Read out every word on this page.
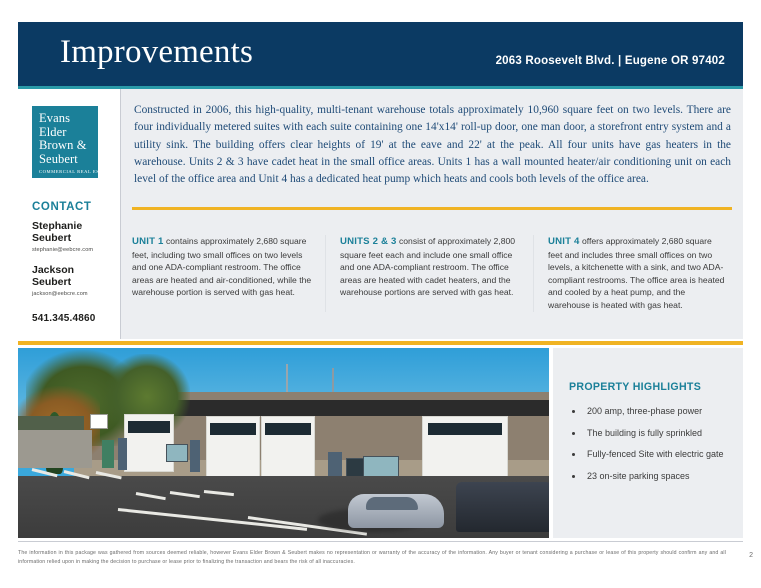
Improvements	2063 Roosevelt Blvd. | Eugene OR 97402
Evans
Elder
Brown &
Seubert
COMMERCIAL REAL ESTATE
CONTACT
Stephanie
Seubert
stephanie@eebcre.com
Jackson
Seubert
jackson@eebcre.com
541.345.4860
Constructed in 2006, this high-quality, multi-tenant warehouse totals approximately 10,960 square feet on two levels. There are four individually metered suites with each suite containing one 14'x14' roll-up door, one man door, a storefront entry system and a utility sink. The building offers clear heights of 19' at the eave and 22' at the peak. All four units have gas heaters in the warehouse. Units 2 & 3 have cadet heat in the small office areas. Units 1 has a wall mounted heater/air conditioning unit on each level of the office area and Unit 4 has a dedicated heat pump which heats and cools both levels of the office area.
UNIT 1 contains approximately 2,680 square feet, including two small offices on two levels and one ADA-compliant restroom. The office areas are heated and air-conditioned, while the warehouse portion is served with gas heat.
UNITS 2 & 3 consist of approximately 2,800 square feet each and include one small office and one ADA-compliant restroom. The office areas are heated with cadet heaters, and the warehouse portions are served with gas heat.
UNIT 4 offers approximately 2,680 square feet and includes three small offices on two levels, a kitchenette with a sink, and two ADA-compliant restrooms. The office area is heated and cooled by a heat pump, and the warehouse is heated with gas heat.
PROPERTY HIGHLIGHTS
200 amp, three-phase power
The building is fully sprinkled
Fully-fenced Site with electric gate
23 on-site parking spaces
The information in this package was gathered from sources deemed reliable, however Evans Elder Brown & Seubert makes no representation or warranty of the accuracy of the information. Any buyer or tenant considering a purchase or lease of this property should confirm any and all information relied upon in making the decision to purchase or lease prior to finalizing the transaction and bears the risk of all inaccuracies.
2
